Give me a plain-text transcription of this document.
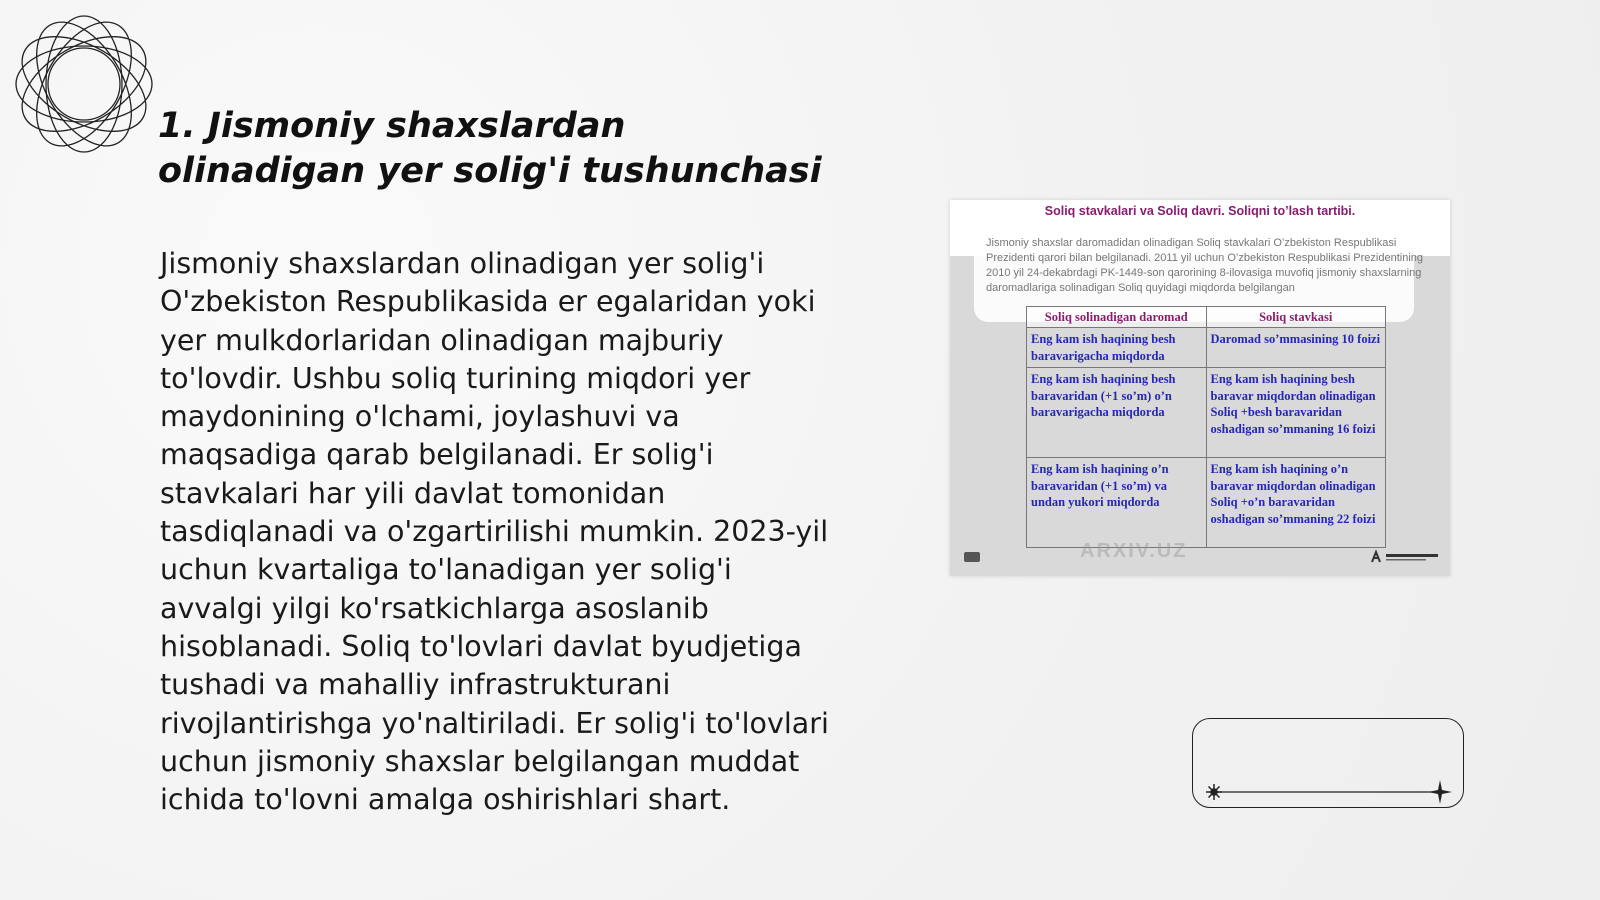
1. Jismoniy shaxslardan olinadigan yer solig'i tushunchasi

Jismoniy shaxslardan olinadigan yer solig'i O'zbekiston Respublikasida er egalaridan yoki yer mulkdorlaridan olinadigan majburiy to'lovdir. Ushbu soliq turining miqdori yer maydonining o'lchami, joylashuvi va maqsadiga qarab belgilanadi. Er solig'i stavkalari har yili davlat tomonidan tasdiqlanadi va o'zgartirilishi mumkin. 2023-yil uchun kvartaliga to'lanadigan yer solig'i avvalgi yilgi ko'rsatkichlarga asoslanib hisoblanadi. Soliq to'lovlari davlat byudjetiga tushadi va mahalliy infrastrukturani rivojlantirishga yo'naltiriladi. Er solig'i to'lovlari uchun jismoniy shaxslar belgilangan muddat ichida to'lovni amalga oshirishlari shart.

Soliq stavkalari va Soliq davri. Soliqni to’lash tartibi.
Jismoniy shaxslar daromadidan olinadigan Soliq stavkalari O’zbekiston Respublikasi Prezidenti qarori bilan belgilanadi. 2011 yil uchun O’zbekiston Respublikasi Prezidentining 2010 yil 24-dekabrdagi PK-1449-son qarorining 8-ilovasiga muvofiq jismoniy shaxslarning daromadlariga solinadigan Soliq quyidagi miqdorda belgilangan
Soliq solinadigan daromad	Soliq stavkasi
Eng kam ish haqining besh baravarigacha miqdorda	Daromad so’mmasining 10 foizi
Eng kam ish haqining besh baravaridan (+1 so’m) o’n baravarigacha miqdorda	Eng kam ish haqining besh baravar miqdordan olinadigan Soliq +besh baravaridan oshadigan so’mmaning 16 foizi
Eng kam ish haqining o’n baravaridan (+1 so’m) va undan yukori miqdorda	Eng kam ish haqining o’n baravar miqdordan olinadigan Soliq +o’n baravaridan oshadigan so’mmaning 22 foizi
ARXIV.UZ
